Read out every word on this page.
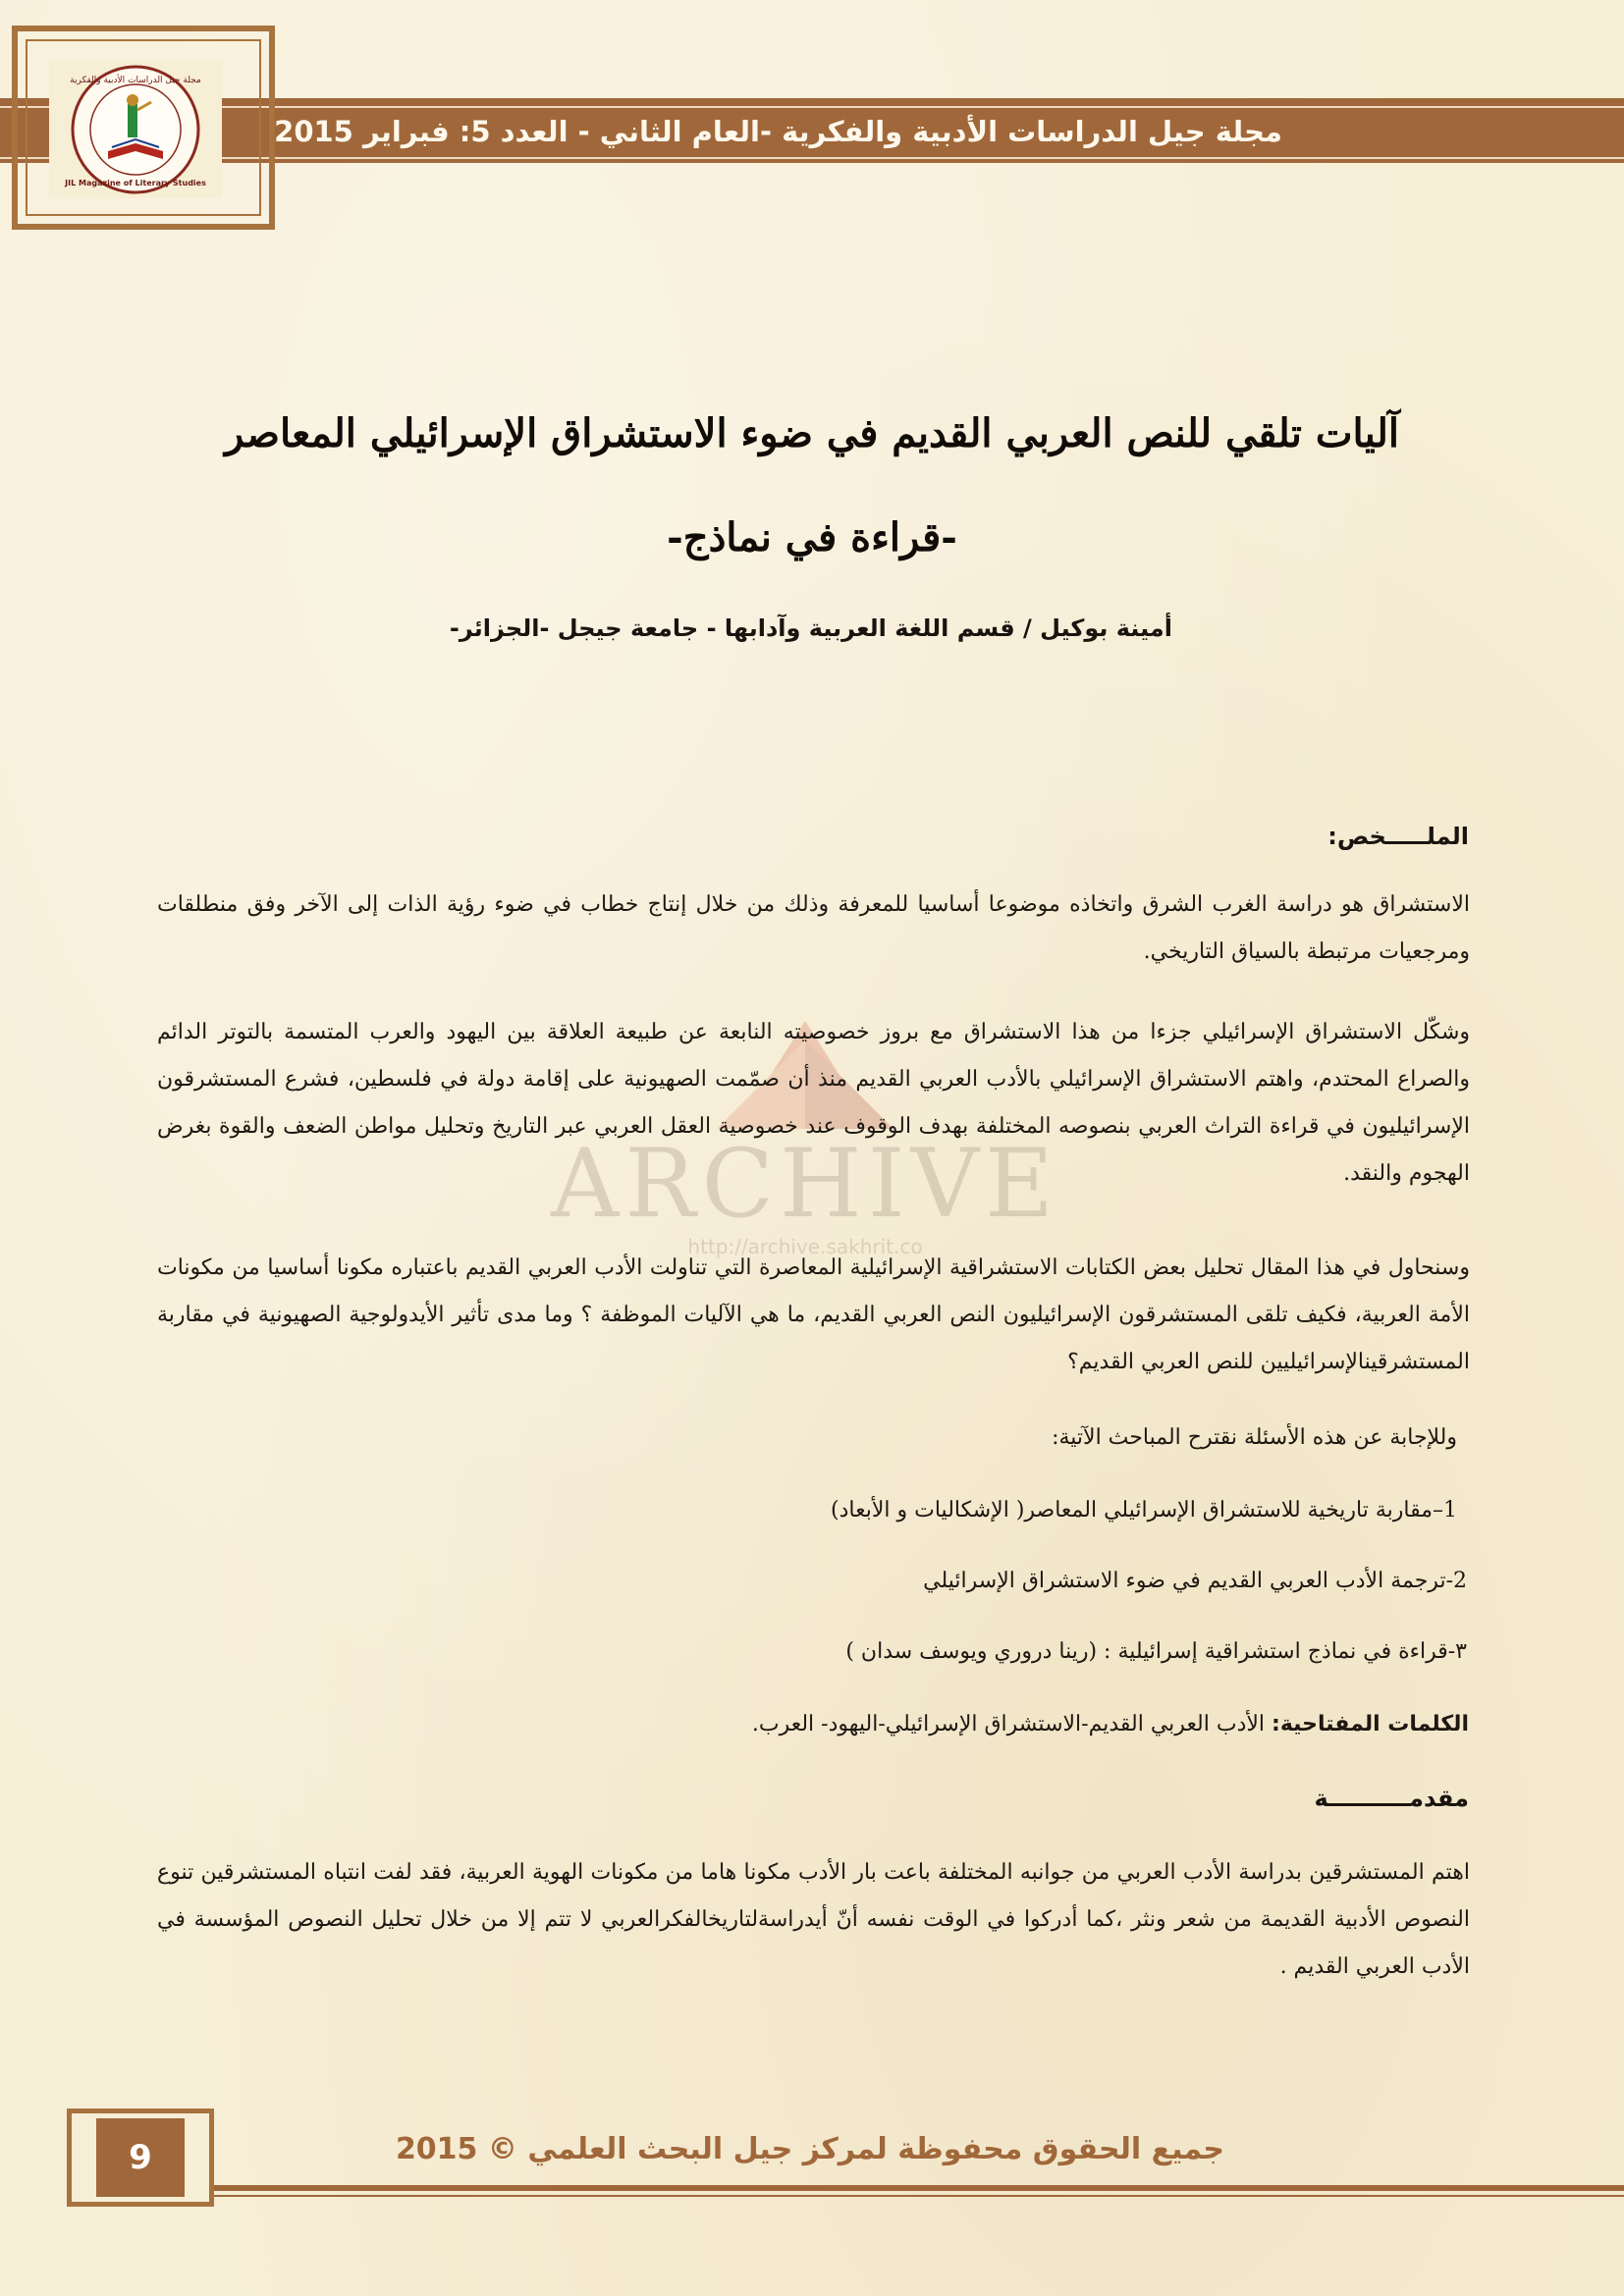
مجلة جيل الدراسات الأدبية والفكرية
JIL Magazine of Literary Studies
مجلة جيل الدراسات الأدبية والفكرية -العام الثاني - العدد 5: فبراير 2015
ARCHIVE
http://archive.sakhrit.co
آليات تلقي للنص العربي القديم في ضوء الاستشراق الإسرائيلي المعاصر
-قراءة في نماذج-
أمينة بوكيل / قسم اللغة العربية وآدابها - جامعة جيجل -الجزائر-
الملـــــخص:
الاستشراق هو دراسة الغرب الشرق واتخاذه موضوعا أساسيا للمعرفة وذلك من خلال إنتاج خطاب في ضوء رؤية الذات إلى الآخر وفق منطلقات ومرجعيات مرتبطة بالسياق التاريخي.
وشكّل الاستشراق الإسرائيلي جزءا من هذا الاستشراق مع بروز خصوصيته النابعة عن طبيعة العلاقة بين اليهود والعرب المتسمة بالتوتر الدائم والصراع المحتدم، واهتم الاستشراق الإسرائيلي بالأدب العربي القديم منذ أن صمّمت الصهيونية على إقامة دولة في فلسطين، فشرع المستشرقون الإسرائيليون في قراءة التراث العربي بنصوصه المختلفة بهدف الوقوف عند خصوصية العقل العربي عبر التاريخ وتحليل مواطن الضعف والقوة بغرض الهجوم والنقد.
وسنحاول في هذا المقال تحليل بعض الكتابات الاستشراقية الإسرائيلية المعاصرة التي تناولت الأدب العربي القديم باعتباره مكونا أساسيا من مكونات الأمة العربية، فكيف تلقى المستشرقون الإسرائيليون النص العربي القديم، ما هي الآليات الموظفة ؟ وما مدى تأثير الأيدولوجية الصهيونية في مقاربة المستشرقينالإسرائيليين للنص العربي القديم؟
وللإجابة عن هذه الأسئلة نقترح المباحث الآتية:
1–مقاربة تاريخية للاستشراق الإسرائيلي المعاصر( الإشكاليات و الأبعاد)
2-ترجمة الأدب العربي القديم في ضوء الاستشراق الإسرائيلي
٣-قراءة في نماذج استشراقية إسرائيلية : (رينا دروري ويوسف سدان )
الكلمات المفتاحية: الأدب العربي القديم-الاستشراق الإسرائيلي-اليهود- العرب.
مقدمــــــــــة
اهتم المستشرقين بدراسة الأدب العربي من جوانبه المختلفة باعت بار الأدب مكونا هاما من مكونات الهوية العربية، فقد لفت انتباه المستشرقين تنوع النصوص الأدبية القديمة من شعر ونثر ،كما أدركوا في الوقت نفسه أنّ أيدراسةلتاريخالفكرالعربي لا تتم إلا من خلال تحليل النصوص المؤسسة في الأدب العربي القديم .
9	جميع الحقوق محفوظة لمركز جيل البحث العلمي © 2015
